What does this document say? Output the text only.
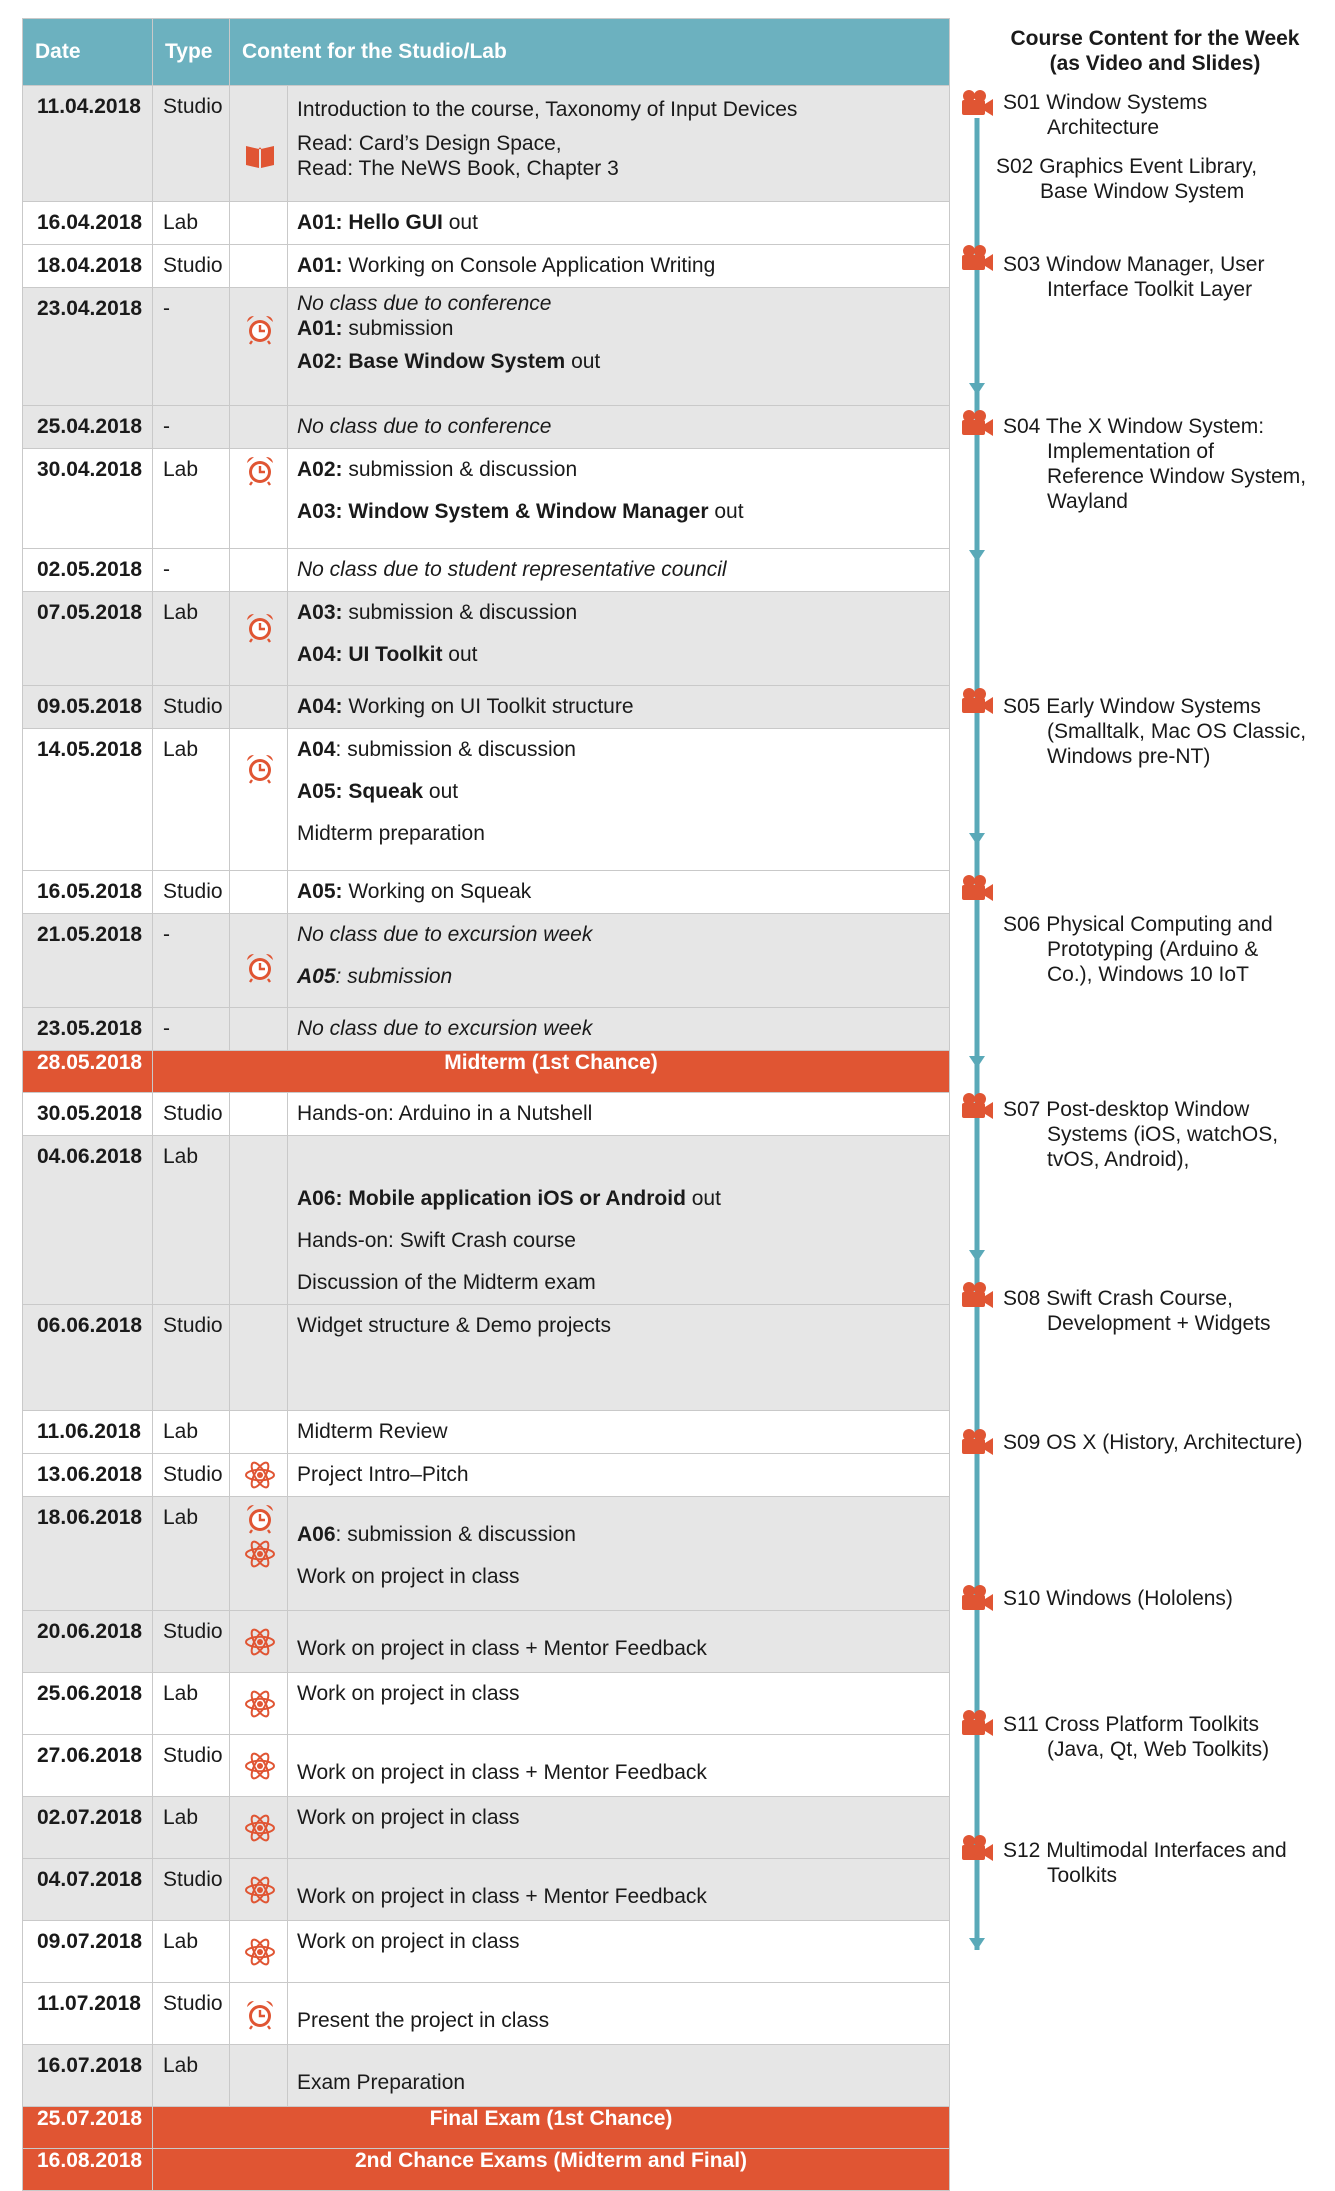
Date	Type	Content for the Studio/Lab	
11.04.2018	Studio		Introduction to the course, Taxonomy of Input Devices
Read: Card’s Design Space,
Read: The NeWS Book, Chapter 3

16.04.2018	Lab		A01: Hello GUI out

18.04.2018	Studio		A01: Working on Console Application Writing

23.04.2018	-		No class due to conference
A01: submission
A02: Base Window System out

25.04.2018	-		No class due to conference

30.04.2018	Lab		A02: submission & discussion
A03: Window System & Window Manager out

02.05.2018	-		No class due to student representative council

07.05.2018	Lab		A03: submission & discussion
A04: UI Toolkit out

09.05.2018	Studio		A04: Working on UI Toolkit structure

14.05.2018	Lab		A04: submission & discussion
A05: Squeak out
Midterm preparation

16.05.2018	Studio		A05: Working on Squeak

21.05.2018	-		No class due to excursion week
A05: submission

23.05.2018	-		No class due to excursion week

28.05.2018	Midterm (1st Chance)		
30.05.2018	Studio		Hands-on: Arduino in a Nutshell

04.06.2018	Lab		A06: Mobile application iOS or Android out
Hands-on: Swift Crash course
Discussion of the Midterm exam

06.06.2018	Studio		Widget structure & Demo projects

11.06.2018	Lab		Midterm Review

13.06.2018	Studio		Project Intro–Pitch

18.06.2018	Lab		A06: submission & discussion
Work on project in class

20.06.2018	Studio		Work on project in class + Mentor Feedback

25.06.2018	Lab		Work on project in class

27.06.2018	Studio		Work on project in class + Mentor Feedback

02.07.2018	Lab		Work on project in class

04.07.2018	Studio		Work on project in class + Mentor Feedback

09.07.2018	Lab		Work on project in class

11.07.2018	Studio		Present the project in class

16.07.2018	Lab		Exam Preparation

25.07.2018	Final Exam (1st Chance)		
16.08.2018	2nd Chance Exams (Midterm and Final)		
Course Content for the Week
(as Video and Slides)
S01 Window Systems
Architecture
S02 Graphics Event Library,
Base Window System
S03 Window Manager, User
Interface Toolkit Layer
S04 The X Window System:
Implementation of
Reference Window System,
Wayland
S05 Early Window Systems
(Smalltalk, Mac OS Classic,
Windows pre-NT)
S06 Physical Computing and
Prototyping (Arduino &
Co.), Windows 10 IoT
S07 Post-desktop Window
Systems (iOS, watchOS,
tvOS, Android),
S08 Swift Crash Course,
Development + Widgets
S09 OS X (History, Architecture)
S10 Windows (Hololens)
S11 Cross Platform Toolkits
(Java, Qt, Web Toolkits)
S12 Multimodal Interfaces and
Toolkits
